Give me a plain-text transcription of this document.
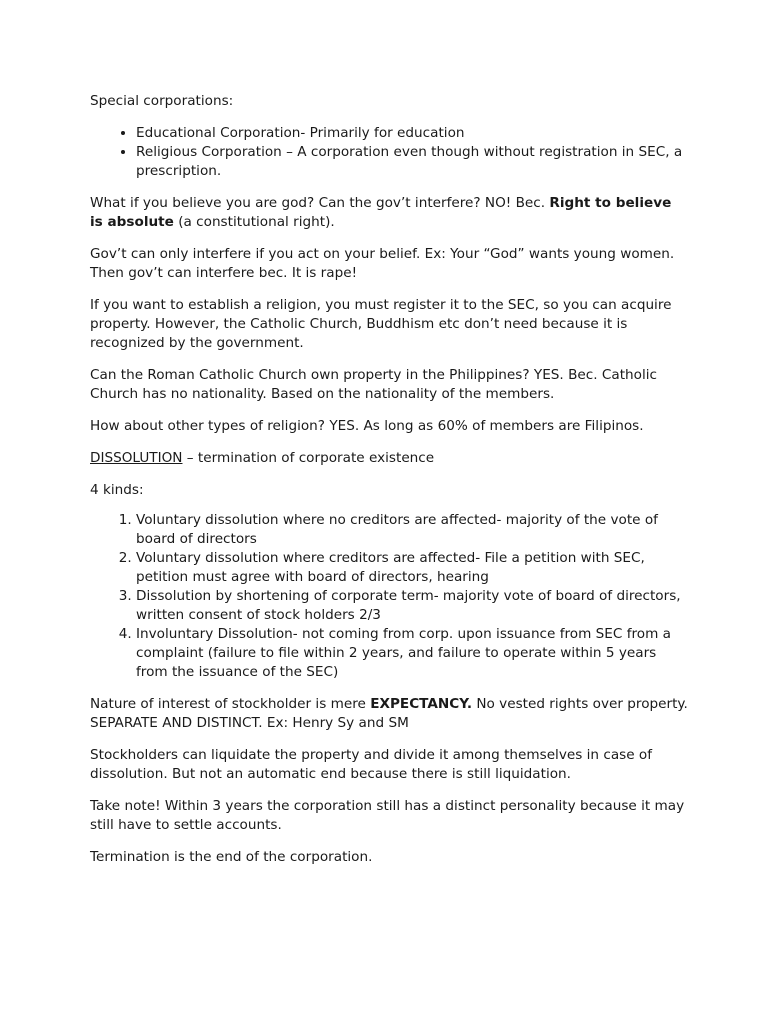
Special corporations:

• Educational Corporation- Primarily for education
• Religious Corporation – A corporation even though without registration in SEC, a prescription.

What if you believe you are god? Can the gov’t interfere? NO! Bec. Right to believe is absolute (a constitutional right).

Gov’t can only interfere if you act on your belief. Ex: Your “God” wants young women. Then gov’t can interfere bec. It is rape!

If you want to establish a religion, you must register it to the SEC, so you can acquire property. However, the Catholic Church, Buddhism etc don’t need because it is recognized by the government.

Can the Roman Catholic Church own property in the Philippines? YES. Bec. Catholic Church has no nationality. Based on the nationality of the members.

How about other types of religion? YES. As long as 60% of members are Filipinos.

DISSOLUTION – termination of corporate existence

4 kinds:

1. Voluntary dissolution where no creditors are affected- majority of the vote of board of directors
2. Voluntary dissolution where creditors are affected- File a petition with SEC, petition must agree with board of directors, hearing
3. Dissolution by shortening of corporate term- majority vote of board of directors, written consent of stock holders 2/3
4. Involuntary Dissolution- not coming from corp. upon issuance from SEC from a complaint (failure to file within 2 years, and failure to operate within 5 years from the issuance of the SEC)

Nature of interest of stockholder is mere EXPECTANCY. No vested rights over property. SEPARATE AND DISTINCT. Ex: Henry Sy and SM

Stockholders can liquidate the property and divide it among themselves in case of dissolution. But not an automatic end because there is still liquidation.

Take note! Within 3 years the corporation still has a distinct personality because it may still have to settle accounts.

Termination is the end of the corporation.
